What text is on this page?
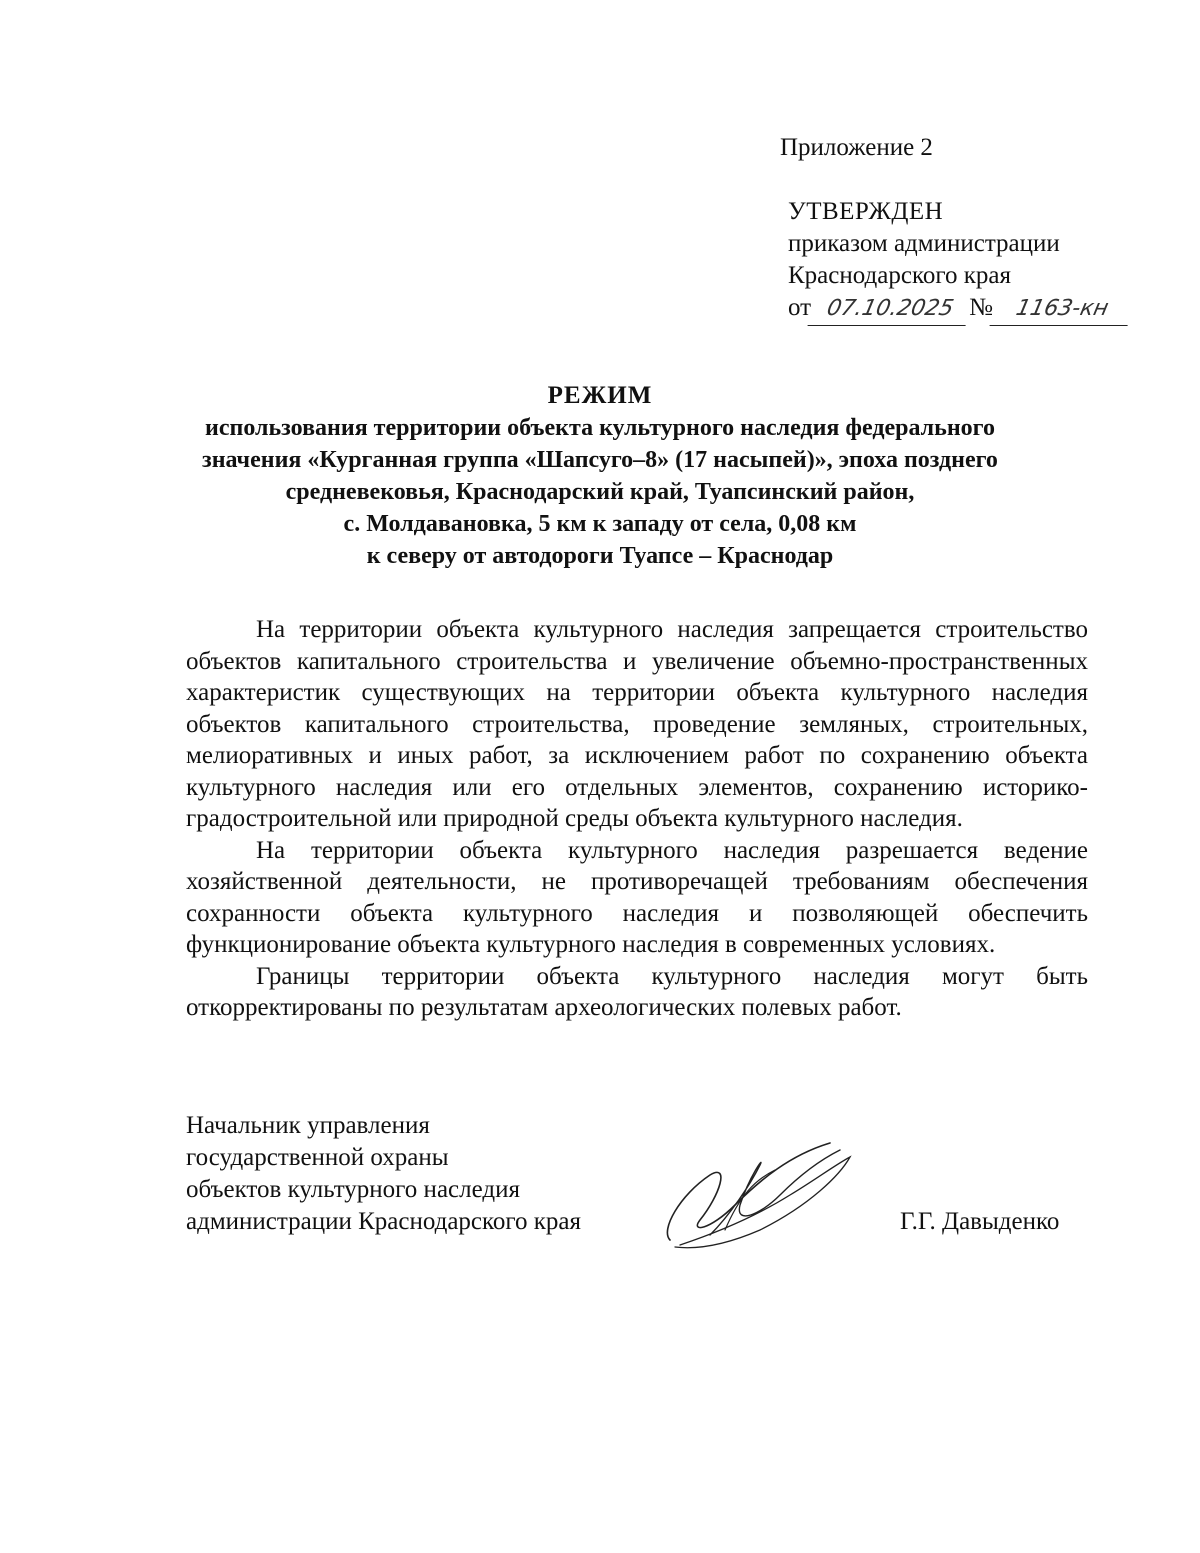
Приложение 2
УТВЕРЖДЕН
приказом администрации
Краснодарского края
от 07.10.2025 № 1163-кн
РЕЖИМ
использования территории объекта культурного наследия федерального
значения «Курганная группа «Шапсуго–8» (17 насыпей)», эпоха позднего
средневековья, Краснодарский край, Туапсинский район,
с. Молдавановка, 5 км к западу от села, 0,08 км
к северу от автодороги Туапсе – Краснодар

На территории объекта культурного наследия запрещается строительство объектов капитального строительства и увеличение объемно-пространственных характеристик существующих на территории объекта культурного наследия объектов капитального строительства, проведение земляных, строительных, мелиоративных и иных работ, за исключением работ по сохранению объекта культурного наследия или его отдельных элементов, сохранению историко-градостроительной или природной среды объекта культурного наследия.

На территории объекта культурного наследия разрешается ведение хозяйственной деятельности, не противоречащей требованиям обеспечения сохранности объекта культурного наследия и позволяющей обеспечить функционирование объекта культурного наследия в современных условиях.

Границы территории объекта культурного наследия могут быть откорректированы по результатам археологических полевых работ.

Начальник управления
государственной охраны
объектов культурного наследия
администрации Краснодарского края	Г.Г. Давыденко
